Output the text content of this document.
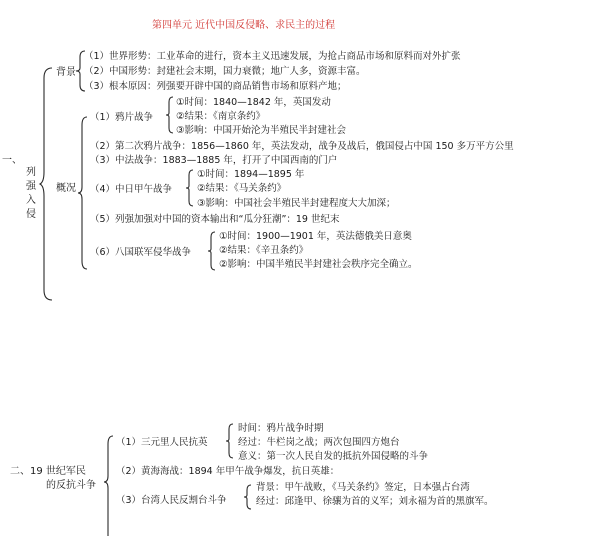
第四单元 近代中国反侵略、求民主的过程
一、
列强入侵
背景
（1）世界形势：工业革命的进行，资本主义迅速发展，为抢占商品市场和原料而对外扩张
（2）中国形势：封建社会末期，国力衰微；地广人多，资源丰富。
（3）根本原因：列强要开辟中国的商品销售市场和原料产地；
概况
（1）鸦片战争
①时间：1840—1842 年，英国发动
②结果：《南京条约》
③影响：中国开始沦为半殖民半封建社会
（2）第二次鸦片战争：1856—1860 年，英法发动，战争及战后，俄国侵占中国 150 多万平方公里
（3）中法战争：1883—1885 年，打开了中国西南的门户
（4）中日甲午战争
①时间：1894—1895 年
②结果：《马关条约》
③影响：中国社会半殖民半封建程度大大加深；
（5）列强加强对中国的资本输出和“瓜分狂潮”：19 世纪末
（6）八国联军侵华战争
①时间：1900—1901 年，英法德俄美日意奥
②结果：《辛丑条约》
②影响：中国半殖民半封建社会秩序完全确立。
二、19 世纪军民
的反抗斗争
（1）三元里人民抗英
时间：鸦片战争时期
经过：牛栏岗之战；两次包围四方炮台
意义：第一次人民自发的抵抗外国侵略的斗争
（2）黄海海战：1894 年甲午战争爆发，抗日英雄：
（3）台湾人民反割台斗争
背景：甲午战败，《马关条约》签定，日本强占台湾
经过：邱逢甲、徐骧为首的义军；刘永福为首的黑旗军。
